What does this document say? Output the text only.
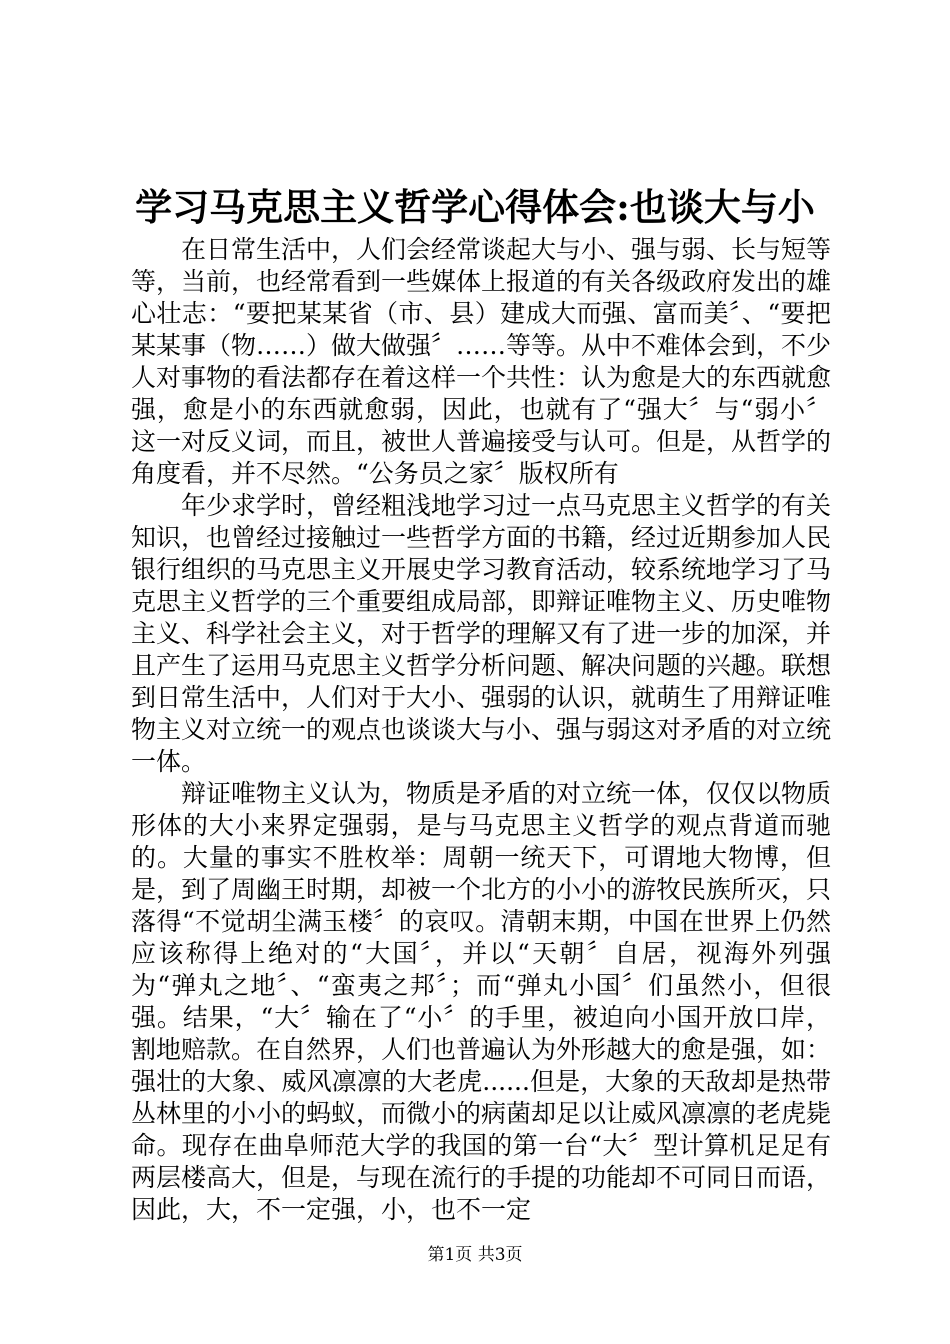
学习马克思主义哲学心得体会:也谈大与小

在日常生活中，人们会经常谈起大与小、强与弱、长与短等等，当前，也经常看到一些媒体上报道的有关各级政府发出的雄心壮志：“要把某某省（市、县）建成大而强、富而美〞、“要把某某事（物……）做大做强〞……等等。从中不难体会到，不少人对事物的看法都存在着这样一个共性：认为愈是大的东西就愈强，愈是小的东西就愈弱，因此，也就有了“强大〞与“弱小〞这一对反义词，而且，被世人普遍接受与认可。但是，从哲学的角度看，并不尽然。“公务员之家〞版权所有

年少求学时，曾经粗浅地学习过一点马克思主义哲学的有关知识，也曾经过接触过一些哲学方面的书籍，经过近期参加人民银行组织的马克思主义开展史学习教育活动，较系统地学习了马克思主义哲学的三个重要组成局部，即辩证唯物主义、历史唯物主义、科学社会主义，对于哲学的理解又有了进一步的加深，并且产生了运用马克思主义哲学分析问题、解决问题的兴趣。联想到日常生活中，人们对于大小、强弱的认识，就萌生了用辩证唯物主义对立统一的观点也谈谈大与小、强与弱这对矛盾的对立统一体。

辩证唯物主义认为，物质是矛盾的对立统一体，仅仅以物质形体的大小来界定强弱，是与马克思主义哲学的观点背道而驰的。大量的事实不胜枚举：周朝一统天下，可谓地大物博，但是，到了周幽王时期，却被一个北方的小小的游牧民族所灭，只落得“不觉胡尘满玉楼〞的哀叹。清朝末期，中国在世界上仍然应该称得上绝对的“大国〞，并以“天朝〞自居，视海外列强为“弹丸之地〞、“蛮夷之邦〞；而“弹丸小国〞们虽然小，但很强。结果，“大〞输在了“小〞的手里，被迫向小国开放口岸，割地赔款。在自然界，人们也普遍认为外形越大的愈是强，如：强壮的大象、威风凛凛的大老虎......但是，大象的天敌却是热带丛林里的小小的蚂蚁，而微小的病菌却足以让威风凛凛的老虎毙命。现存在曲阜师范大学的我国的第一台“大〞型计算机足足有两层楼高大，但是，与现在流行的手提的功能却不可同日而语，因此，大，不一定强，小，也不一定

第1页 共3页
